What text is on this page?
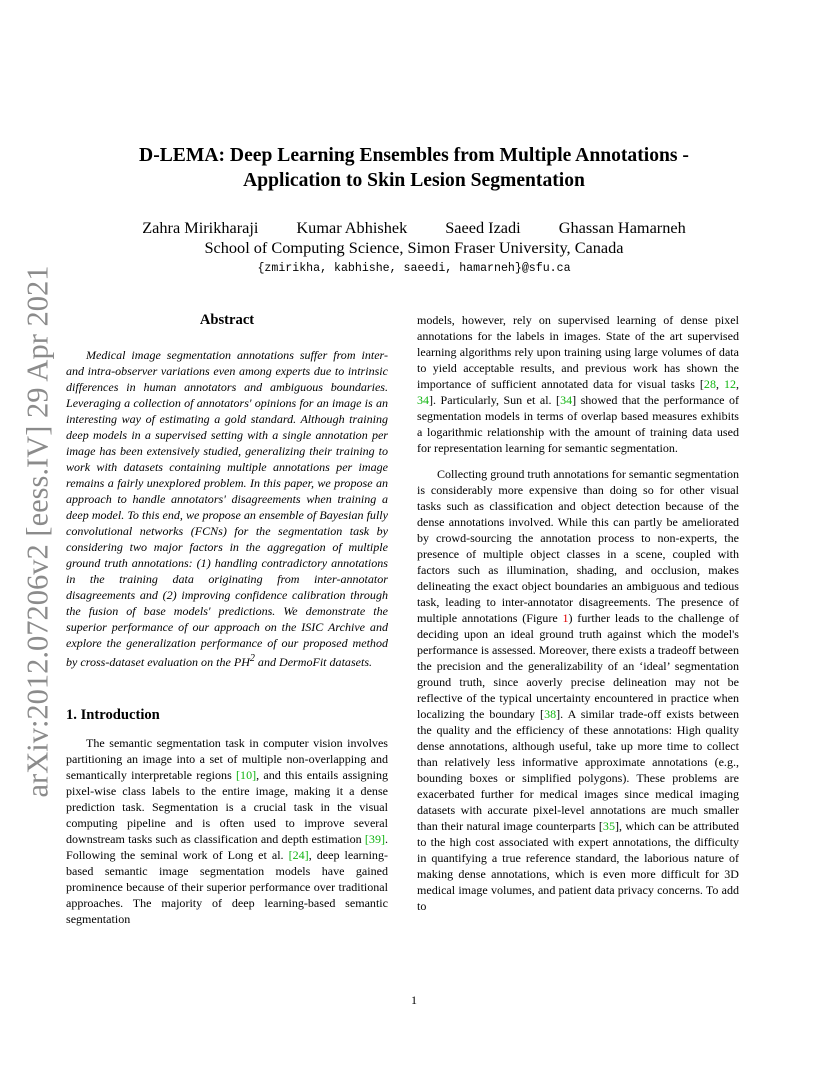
arXiv:2012.07206v2 [eess.IV] 29 Apr 2021
D-LEMA: Deep Learning Ensembles from Multiple Annotations -
Application to Skin Lesion Segmentation
Zahra Mirikharaji Kumar Abhishek Saeed Izadi Ghassan Hamarneh
School of Computing Science, Simon Fraser University, Canada
{zmirikha, kabhishe, saeedi, hamarneh}@sfu.ca
Abstract

Medical image segmentation annotations suffer from inter- and intra-observer variations even among experts due to intrinsic differences in human annotators and ambiguous boundaries. Leveraging a collection of annotators' opinions for an image is an interesting way of estimating a gold standard. Although training deep models in a supervised setting with a single annotation per image has been extensively studied, generalizing their training to work with datasets containing multiple annotations per image remains a fairly unexplored problem. In this paper, we propose an approach to handle annotators' disagreements when training a deep model. To this end, we propose an ensemble of Bayesian fully convolutional networks (FCNs) for the segmentation task by considering two major factors in the aggregation of multiple ground truth annotations: (1) handling contradictory annotations in the training data originating from inter-annotator disagreements and (2) improving confidence calibration through the fusion of base models' predictions. We demonstrate the superior performance of our approach on the ISIC Archive and explore the generalization performance of our proposed method by cross-dataset evaluation on the $PH^2$ and DermoFit datasets.

1. Introduction

The semantic segmentation task in computer vision involves partitioning an image into a set of multiple non-overlapping and semantically interpretable regions [10], and this entails assigning pixel-wise class labels to the entire image, making it a dense prediction task. Segmentation is a crucial task in the visual computing pipeline and is often used to improve several downstream tasks such as classification and depth estimation [39]. Following the seminal work of Long et al. [24], deep learning-based semantic image segmentation models have gained prominence because of their superior performance over traditional approaches. The majority of deep learning-based semantic segmentation

models, however, rely on supervised learning of dense pixel annotations for the labels in images. State of the art supervised learning algorithms rely upon training using large volumes of data to yield acceptable results, and previous work has shown the importance of sufficient annotated data for visual tasks [28, 12, 34]. Particularly, Sun et al. [34] showed that the performance of segmentation models in terms of overlap based measures exhibits a logarithmic relationship with the amount of training data used for representation learning for semantic segmentation.

Collecting ground truth annotations for semantic segmentation is considerably more expensive than doing so for other visual tasks such as classification and object detection because of the dense annotations involved. While this can partly be ameliorated by crowd-sourcing the annotation process to non-experts, the presence of multiple object classes in a scene, coupled with factors such as illumination, shading, and occlusion, makes delineating the exact object boundaries an ambiguous and tedious task, leading to inter-annotator disagreements. The presence of multiple annotations (Figure 1) further leads to the challenge of deciding upon an ideal ground truth against which the model's performance is assessed. Moreover, there exists a tradeoff between the precision and the generalizability of an ‘ideal’ segmentation ground truth, since aoverly precise delineation may not be reflective of the typical uncertainty encountered in practice when localizing the boundary [38]. A similar trade-off exists between the quality and the efficiency of these annotations: High quality dense annotations, although useful, take up more time to collect than relatively less informative approximate annotations (e.g., bounding boxes or simplified polygons). These problems are exacerbated further for medical images since medical imaging datasets with accurate pixel-level annotations are much smaller than their natural image counterparts [35], which can be attributed to the high cost associated with expert annotations, the difficulty in quantifying a true reference standard, the laborious nature of making dense annotations, which is even more difficult for 3D medical image volumes, and patient data privacy concerns. To add to

1
